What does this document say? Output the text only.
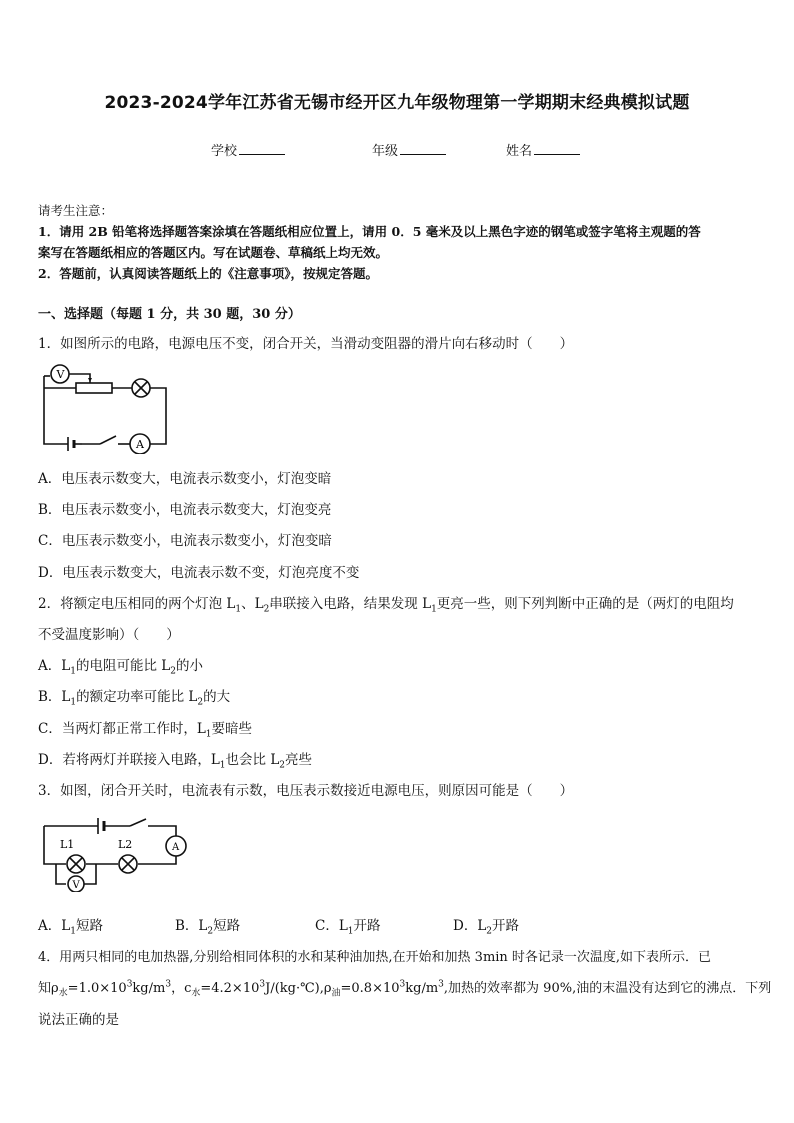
2023-2024学年江苏省无锡市经开区九年级物理第一学期期末经典模拟试题
学校	年级	姓名
请考生注意：
1．请用 2B 铅笔将选择题答案涂填在答题纸相应位置上，请用 0．5 毫米及以上黑色字迹的钢笔或签字笔将主观题的答
案写在答题纸相应的答题区内。写在试题卷、草稿纸上均无效。
2．答题前，认真阅读答题纸上的《注意事项》，按规定答题。
一、选择题（每题 1 分，共 30 题，30 分）
1．如图所示的电路，电源电压不变，闭合开关，当滑动变阻器的滑片向右移动时（　　）
V
A
A．电压表示数变大，电流表示数变小，灯泡变暗
B．电压表示数变小，电流表示数变大，灯泡变亮
C．电压表示数变小，电流表示数变小，灯泡变暗
D．电压表示数变大，电流表示数不变，灯泡亮度不变
2．将额定电压相同的两个灯泡 $L_1$、$L_2$串联接入电路，结果发现 $L_1$更亮一些，则下列判断中正确的是（两灯的电阻均
不受温度影响）（　　）
A．$L_1$的电阻可能比 $L_2$的小
B．$L_1$的额定功率可能比 $L_2$的大
C．当两灯都正常工作时，$L_1$要暗些
D．若将两灯并联接入电路，$L_1$也会比 $L_2$亮些
3．如图，闭合开关时，电流表有示数，电压表示数接近电源电压，则原因可能是（　　）
L1	L2	A
V
A．$L_1$短路	B．$L_2$短路	C．$L_1$开路	D．$L_2$开路
4．用两只相同的电加热器,分别给相同体积的水和某种油加热,在开始和加热 3min 时各记录一次温度,如下表所示．已
知$\rho_水=1.0\times 10^3kg/m^3$，$c_水=4.2\times 10^3J/(kg\cdot℃),\rho_油=0.8\times 10^3kg/m^3$,加热的效率都为 90%,油的末温没有达到它的沸点．下列
说法正确的是
